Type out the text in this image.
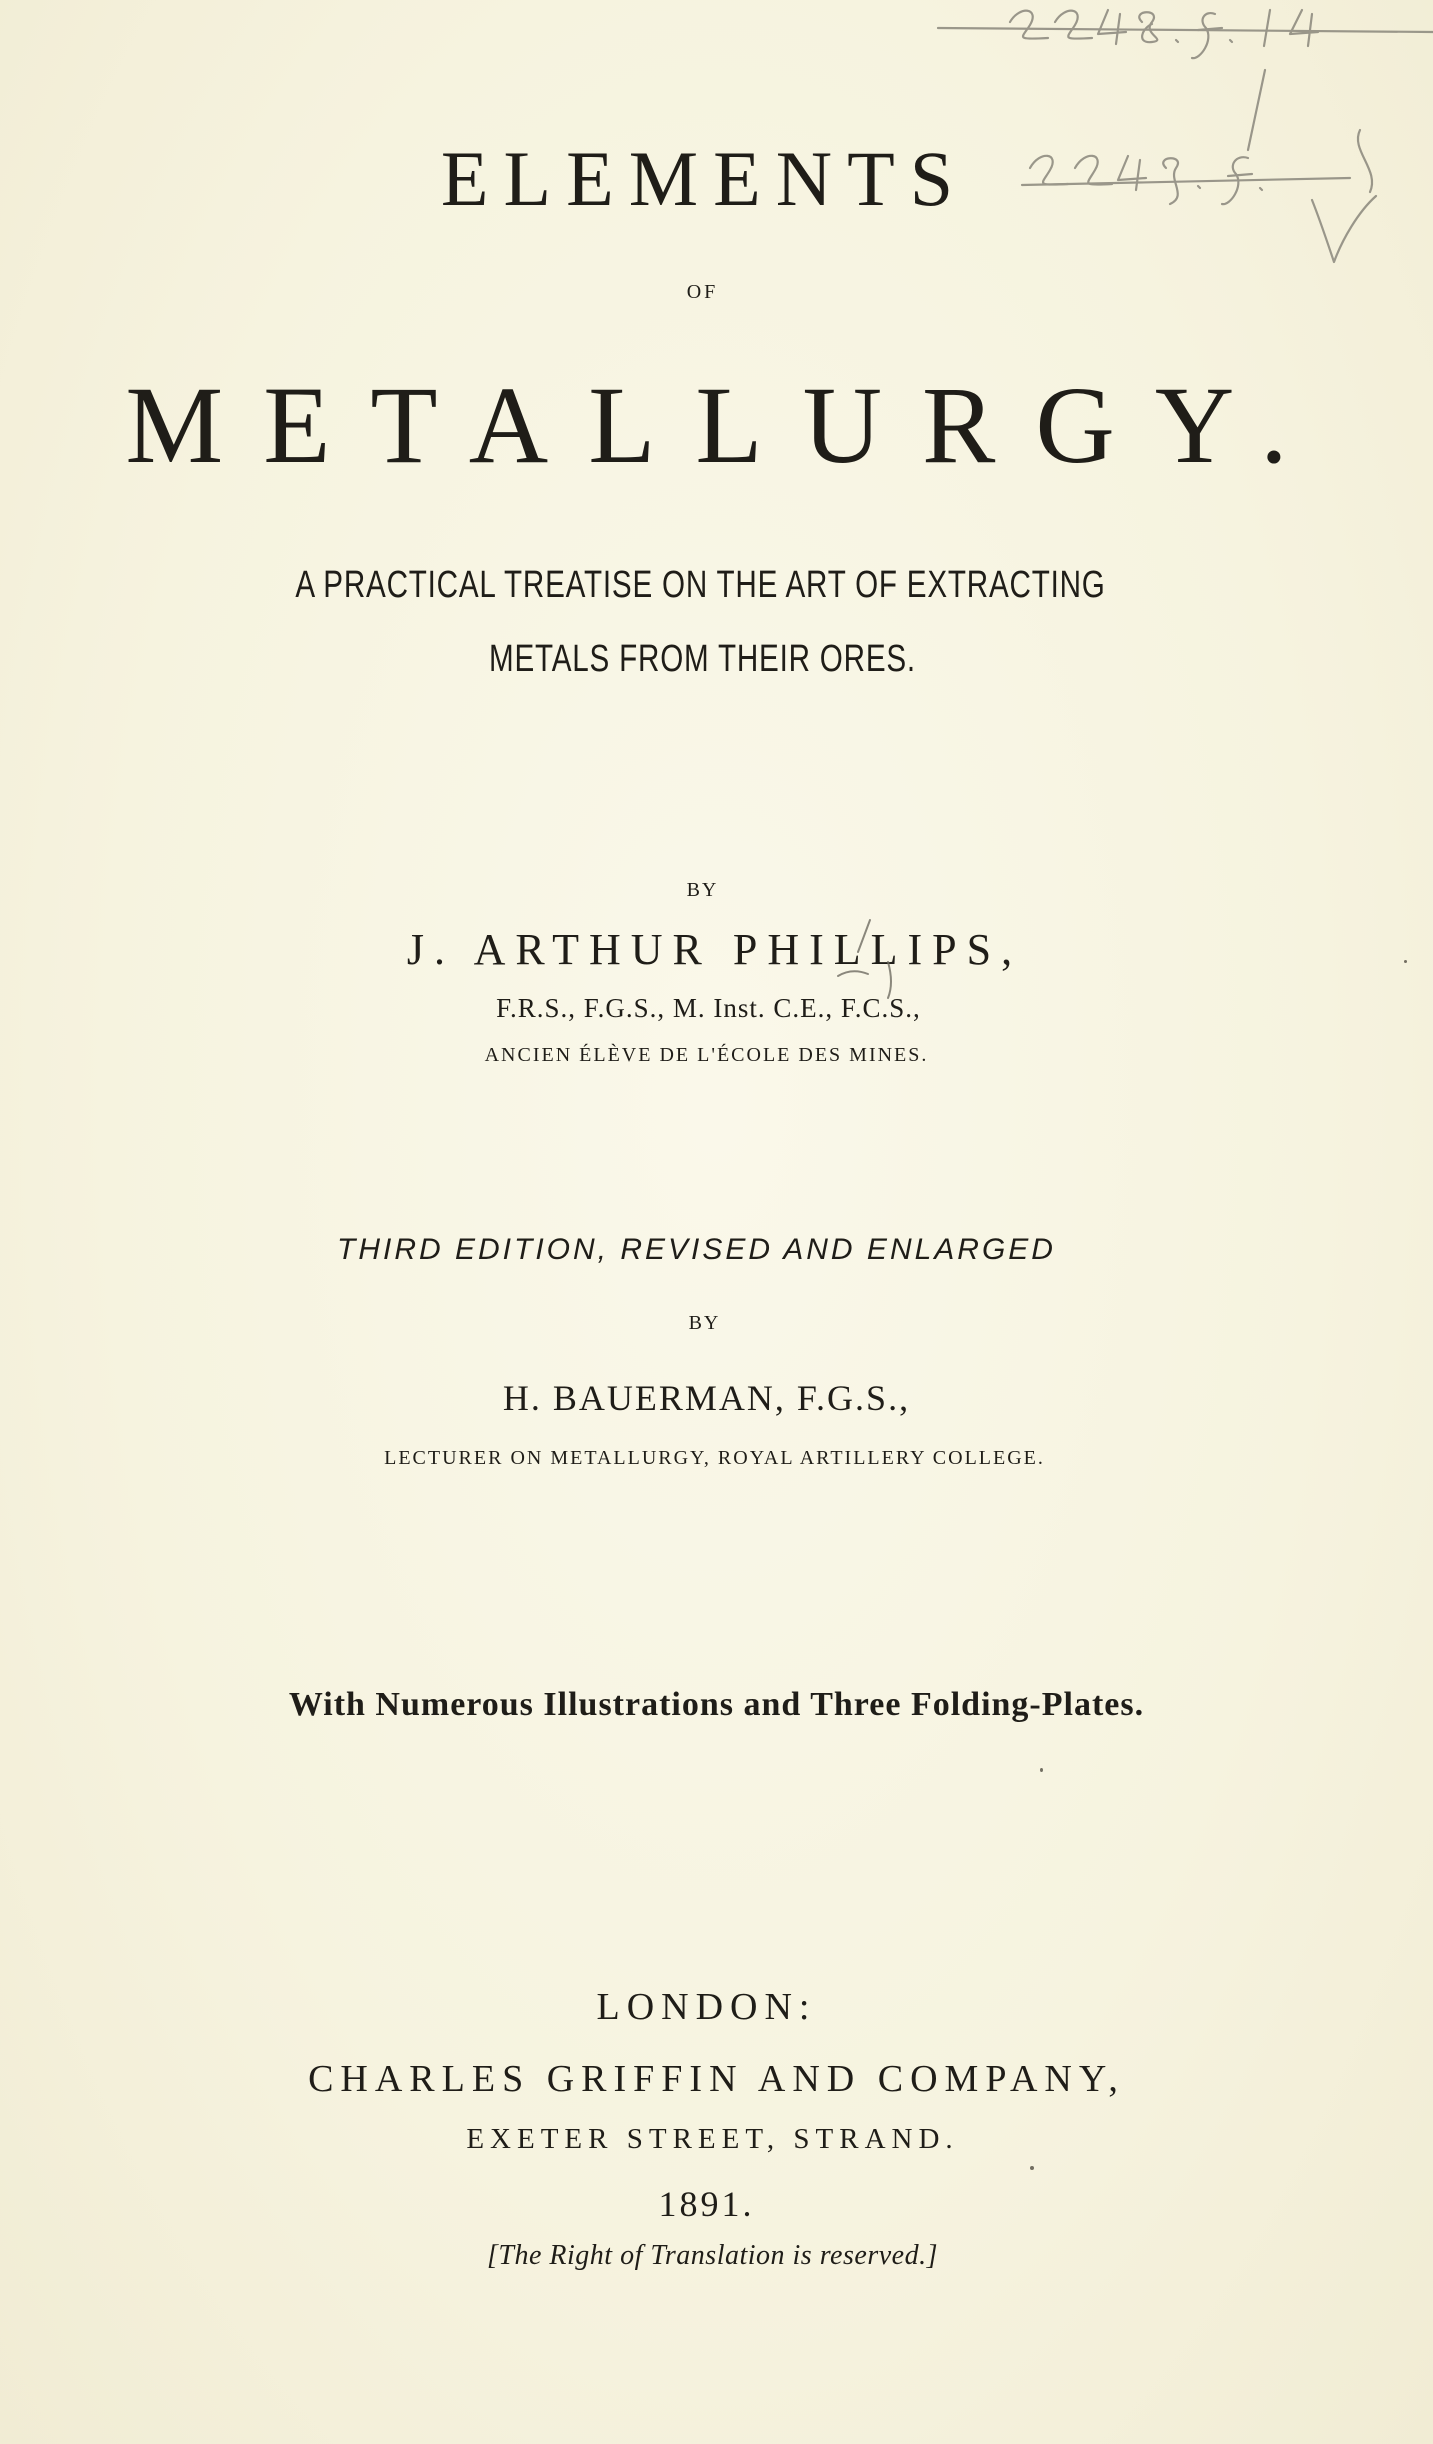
ELEMENTS
OF
METALLURGY.
A PRACTICAL TREATISE ON THE ART OF EXTRACTING
METALS FROM THEIR ORES.
BY
J. ARTHUR PHILLIPS,
F.R.S., F.G.S., M. Inst. C.E., F.C.S.,
ANCIEN ÉLÈVE DE L'ÉCOLE DES MINES.
THIRD EDITION, REVISED AND ENLARGED
BY
H. BAUERMAN, F.G.S.,
LECTURER ON METALLURGY, ROYAL ARTILLERY COLLEGE.
With Numerous Illustrations and Three Folding-Plates.
LONDON:
CHARLES GRIFFIN AND COMPANY,
EXETER STREET, STRAND.
1891.
[The Right of Translation is reserved.]
